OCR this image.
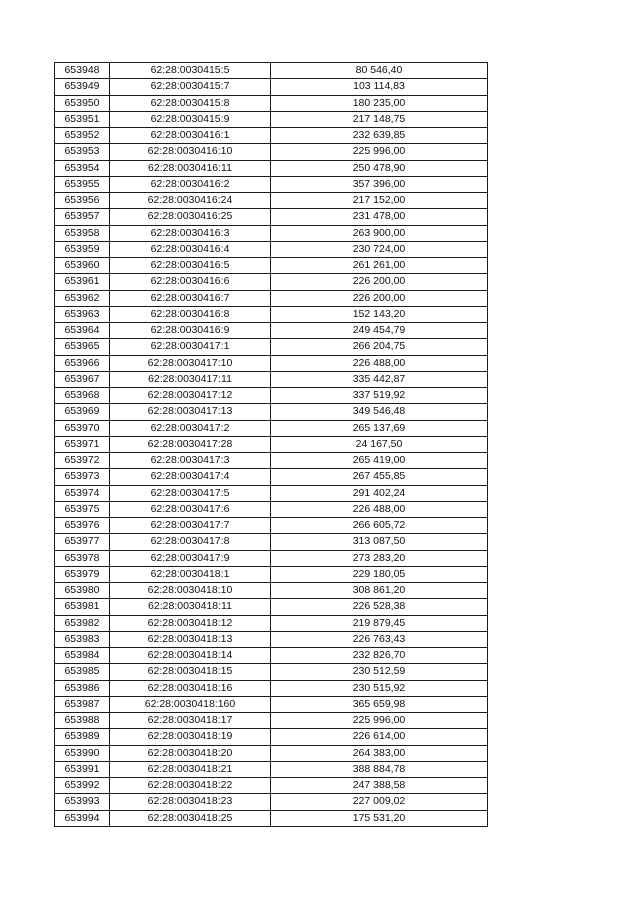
653948	62:28:0030415:5	80 546,40
653949	62:28:0030415:7	103 114,83
653950	62:28:0030415:8	180 235,00
653951	62:28:0030415:9	217 148,75
653952	62:28:0030416:1	232 639,85
653953	62:28:0030416:10	225 996,00
653954	62:28:0030416:11	250 478,90
653955	62:28:0030416:2	357 396,00
653956	62:28:0030416:24	217 152,00
653957	62:28:0030416:25	231 478,00
653958	62:28:0030416:3	263 900,00
653959	62:28:0030416:4	230 724,00
653960	62:28:0030416:5	261 261,00
653961	62:28:0030416:6	226 200,00
653962	62:28:0030416:7	226 200,00
653963	62:28:0030416:8	152 143,20
653964	62:28:0030416:9	249 454,79
653965	62:28:0030417:1	266 204,75
653966	62:28:0030417:10	226 488,00
653967	62:28:0030417:11	335 442,87
653968	62:28:0030417:12	337 519,92
653969	62:28:0030417:13	349 546,48
653970	62:28:0030417:2	265 137,69
653971	62:28:0030417:28	24 167,50
653972	62:28:0030417:3	265 419,00
653973	62:28:0030417:4	267 455,85
653974	62:28:0030417:5	291 402,24
653975	62:28:0030417:6	226 488,00
653976	62:28:0030417:7	266 605,72
653977	62:28:0030417:8	313 087,50
653978	62:28:0030417:9	273 283,20
653979	62:28:0030418:1	229 180,05
653980	62:28:0030418:10	308 861,20
653981	62:28:0030418:11	226 528,38
653982	62:28:0030418:12	219 879,45
653983	62:28:0030418:13	226 763,43
653984	62:28:0030418:14	232 826,70
653985	62:28:0030418:15	230 512,59
653986	62:28:0030418:16	230 515,92
653987	62:28:0030418:160	365 659,98
653988	62:28:0030418:17	225 996,00
653989	62:28:0030418:19	226 614,00
653990	62:28:0030418:20	264 383,00
653991	62:28:0030418:21	388 884,78
653992	62:28:0030418:22	247 388,58
653993	62:28:0030418:23	227 009,02
653994	62:28:0030418:25	175 531,20
